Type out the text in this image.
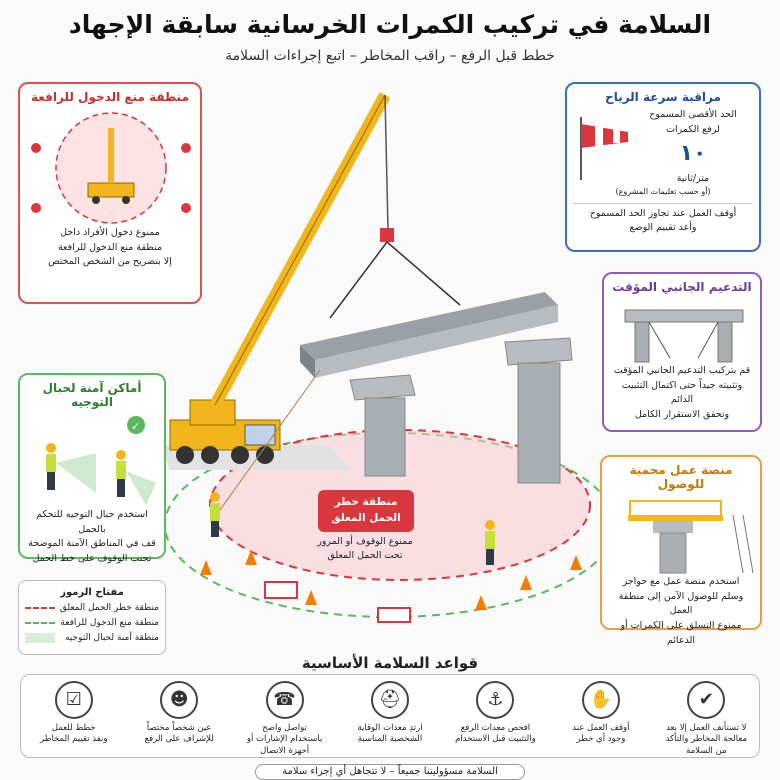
السلامة في تركيب الكمرات الخرسانية سابقة الإجهاد
خطط قبل الرفع – راقب المخاطر – اتبع إجراءات السلامة
منطقة خطر
الحمل المعلق
ممنوع الوقوف أو المرور
تحت الحمل المعلق
منطقة منع الدخول للرافعة
ممنوع دخول الأفراد داخل
منطقة منع الدخول للرافعة
إلا بتصريح من الشخص المختص
مراقبة سرعة الرياح
الحد الأقصى المسموح
لرفع الكمرات
١٠
متر/ثانية
(أو حسب تعليمات المشروع)
أوقف العمل عند تجاوز الحد المسموح
وأعد تقييم الوضع
التدعيم الجانبي المؤقت
قم بتركيب التدعيم الجانبي المؤقت
وتثبيته جيداً حتى اكتمال التثبيت الدائم
وتحقق الاستقرار الكامل
أماكن آمنة لحبال التوجيه
✓
استخدم حبال التوجيه للتحكم بالحمل
قف في المناطق الآمنة الموضحة
تجنب الوقوف على خط الحمل
منصة عمل محمية للوصول
استخدم منصة عمل مع حواجز
وسلم للوصول الآمن إلى منطقة العمل
ممنوع التسلق على الكمرات أو الدعائم
مفتاح الرموز
منطقة خطر الحمل المعلق
منطقة منع الدخول للرافعة
منطقة آمنة لحبال التوجيه
قواعد السلامة الأساسية
✔
لا تستأنف العمل إلا بعد
معالجة المخاطر والتأكد
من السلامة
✋
أوقف العمل عند
وجود أي خطر
⚓
افحص معدات الرفع
والتثبيت قبل الاستخدام
⛑
ارتدِ معدات الوقاية
الشخصية المناسبة
☎
تواصل واضح
باستخدام الإشارات أو
أجهزة الاتصال
☻
عين شخصاً مختصاً
للإشراف على الرفع
☑
خطط للعمل
ونفذ تقييم المخاطر
السلامة مسؤوليتنا جميعاً – لا تتجاهل أي إجراء سلامة
